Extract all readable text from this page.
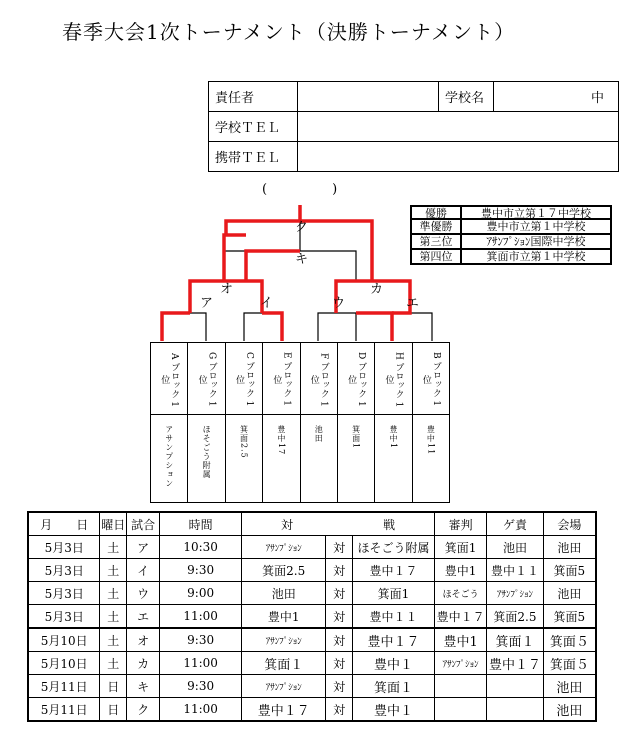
春季大会1次トーナメント（決勝トーナメント）
責任者		学校名	中
学校ＴＥＬ			
携帯ＴＥＬ			
(　　　　　)
ア	イ	ウ	エ
オ	カ
キ
ク
優勝	豊中市立第１７中学校
準優勝	豊中市立第１中学校
第三位	ｱｻﾝﾌﾟｼｮﾝ国際中学校
第四位	箕面市立第１中学校
A ブロック 1 位	G ブロック 1 位	C ブロック 1 位	E ブロック 1 位	F ブロック 1 位	D ブロック 1 位	H ブロック 1 位	B ブロック 1 位
アサンプション	ほそごう附属	箕面2.5	豊中17	池田	箕面1	豊中1	豊中11
月　　日	曜日	試合	時間	対 戦			審判	ゲ責	会場
5月3日	土	ア	10:30	ｱｻﾝﾌﾟｼｮﾝ	対	ほそごう附属	箕面1	池田	池田
5月3日	土	イ	9:30	箕面2.5	対	豊中１７	豊中1	豊中１１	箕面5
5月3日	土	ウ	9:00	池田	対	箕面1	ほそごう	ｱｻﾝﾌﾟｼｮﾝ	池田
5月3日	土	エ	11:00	豊中1	対	豊中１１	豊中１７	箕面2.5	箕面5
5月10日	土	オ	9:30	ｱｻﾝﾌﾟｼｮﾝ	対	豊中１７	豊中1	箕面１	箕面５
5月10日	土	カ	11:00	箕面１	対	豊中１	ｱｻﾝﾌﾟｼｮﾝ	豊中１７	箕面５
5月11日	日	キ	9:30	ｱｻﾝﾌﾟｼｮﾝ	対	箕面１			池田
5月11日	日	ク	11:00	豊中１７	対	豊中１			池田
